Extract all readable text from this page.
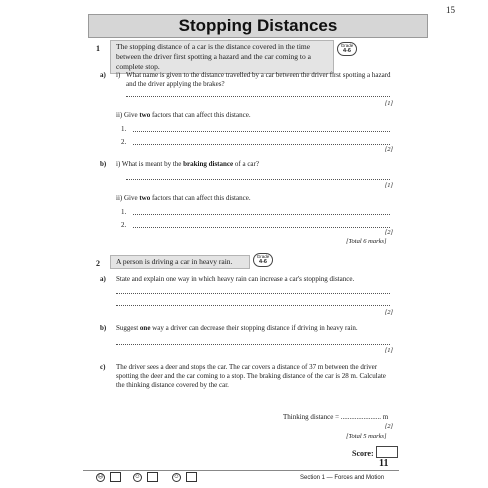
15
Stopping Distances
1	The stopping distance of a car is the distance covered in the time between the driver first spotting a hazard and the car coming to a complete stop.
Grade
4-6
a) i) What name is given to the distance travelled by a car between the driver first spotting a hazard and the driver applying the brakes?
[1]
ii) Give two factors that can affect this distance.
1.
2.
[2]
b) i) What is meant by the braking distance of a car?
[1]
ii) Give two factors that can affect this distance.
1.
2.
[2]
[Total 6 marks]
2	A person is driving a car in heavy rain.
Grade
4-6
a) State and explain one way in which heavy rain can increase a car's stopping distance.
[2]
b) Suggest one way a driver can decrease their stopping distance if driving in heavy rain.
[1]
c) The driver sees a deer and stops the car. The car covers a distance of 37 m between the driver spotting the deer and the car coming to a stop. The braking distance of the car is 28 m. Calculate the thinking distance covered by the car.
Thinking distance = ....................... m
[2]
[Total 5 marks]
Score:
11
☹	☺	☺	Section 1 — Forces and Motion
